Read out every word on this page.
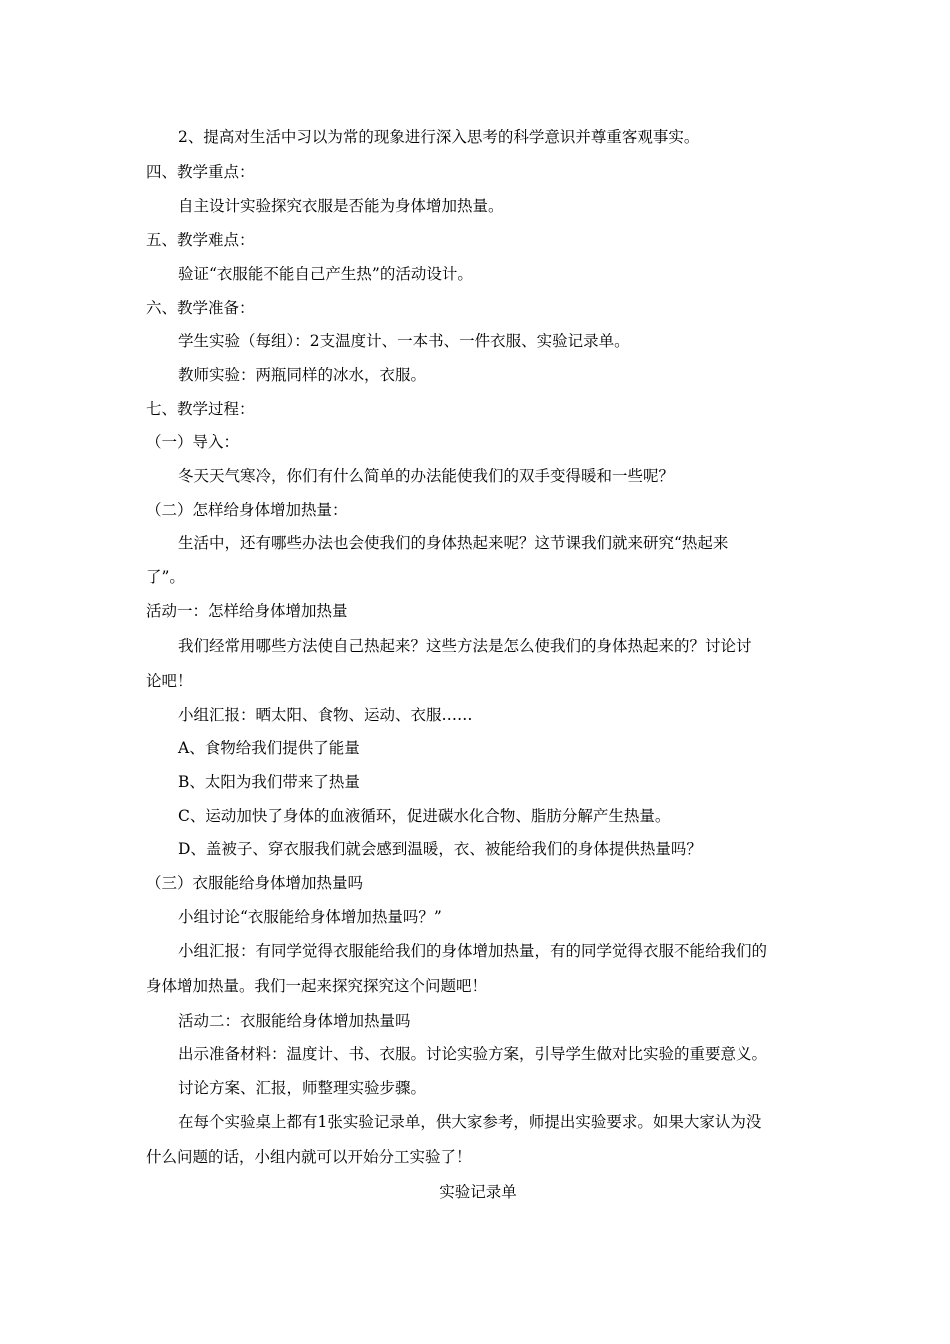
2、提高对生活中习以为常的现象进行深入思考的科学意识并尊重客观事实。
四、教学重点：
自主设计实验探究衣服是否能为身体增加热量。
五、教学难点：
验证“衣服能不能自己产生热”的活动设计。
六、教学准备：
学生实验（每组）：2支温度计、一本书、一件衣服、实验记录单。
教师实验：两瓶同样的冰水，衣服。
七、教学过程：
（一）导入：
冬天天气寒冷，你们有什么简单的办法能使我们的双手变得暖和一些呢？
（二）怎样给身体增加热量：
生活中，还有哪些办法也会使我们的身体热起来呢？这节课我们就来研究“热起来
了”。
活动一：怎样给身体增加热量
我们经常用哪些方法使自己热起来？这些方法是怎么使我们的身体热起来的？讨论讨
论吧！
小组汇报：晒太阳、食物、运动、衣服……
A、食物给我们提供了能量
B、太阳为我们带来了热量
C、运动加快了身体的血液循环，促进碳水化合物、脂肪分解产生热量。
D、盖被子、穿衣服我们就会感到温暖，衣、被能给我们的身体提供热量吗？
（三）衣服能给身体增加热量吗
小组讨论“衣服能给身体增加热量吗？”
小组汇报：有同学觉得衣服能给我们的身体增加热量，有的同学觉得衣服不能给我们的
身体增加热量。我们一起来探究探究这个问题吧！
活动二：衣服能给身体增加热量吗
出示准备材料：温度计、书、衣服。讨论实验方案，引导学生做对比实验的重要意义。
讨论方案、汇报，师整理实验步骤。
在每个实验桌上都有1张实验记录单，供大家参考，师提出实验要求。如果大家认为没
什么问题的话，小组内就可以开始分工实验了！
实验记录单
